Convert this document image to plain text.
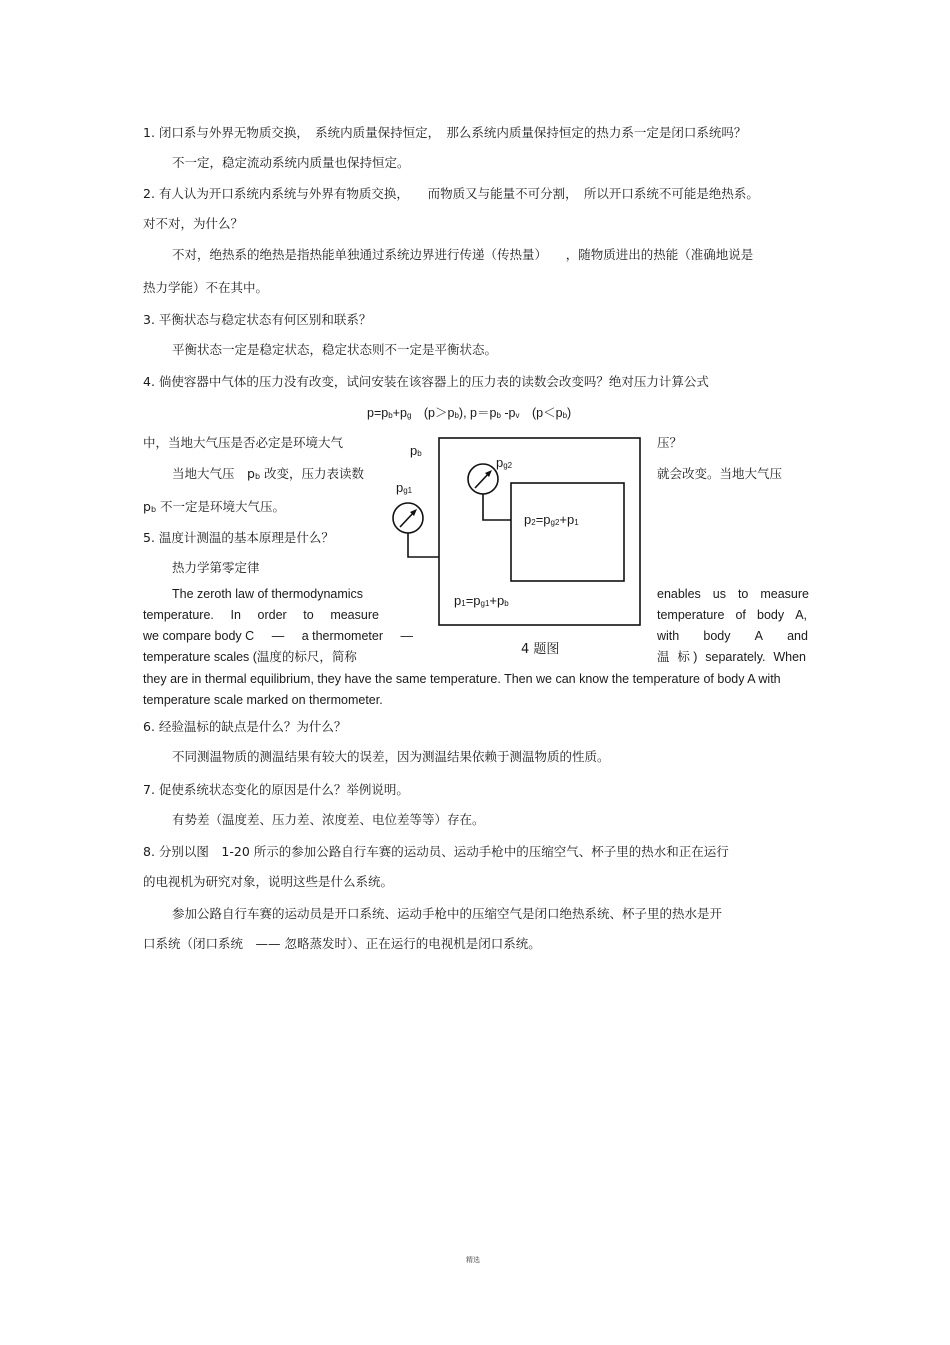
1. 闭口系与外界无物质交换，　系统内质量保持恒定，　那么系统内质量保持恒定的热力系一定是闭口系统吗？
不一定，稳定流动系统内质量也保持恒定。
2. 有人认为开口系统内系统与外界有物质交换，　　而物质又与能量不可分割，　所以开口系统不可能是绝热系。
对不对，为什么？
不对，绝热系的绝热是指热能单独通过系统边界进行传递（传热量）　　，随物质进出的热能（准确地说是
热力学能）不在其中。
3. 平衡状态与稳定状态有何区别和联系？
平衡状态一定是稳定状态，稳定状态则不一定是平衡状态。
4. 倘使容器中气体的压力没有改变，试问安装在该容器上的压力表的读数会改变吗？绝对压力计算公式
$p=p_b+p_g$　$(p>p_b)$, $p=p_b$ $-p_v$　$(p<p_b)$
中，当地大气压是否必定是环境大气	压？
当地大气压　$p_b$ 改变，压力表读数	就会改变。当地大气压
$p_b$ 不一定是环境大气压。
$p_b$
$p_{g2}$
$p_{g1}$
$p_2=p_{g2}+p_1$
$p_1=p_{g1}+p_b$
4 题图
5. 温度计测温的基本原理是什么？
热力学第零定律
The zeroth law of thermodynamics	enables us to measure
temperature. In order to measure	temperature of body A,
we compare body C — a thermometer —	with body A and
temperature scales (温度的标尺，简称	温 标 ) separately. When
they are in thermal equilibrium, they have the same temperature. Then we can know the temperature of body A with
temperature scale marked on thermometer.
6. 经验温标的缺点是什么？为什么？
不同测温物质的测温结果有较大的误差，因为测温结果依赖于测温物质的性质。
7. 促使系统状态变化的原因是什么？举例说明。
有势差（温度差、压力差、浓度差、电位差等等）存在。
8. 分别以图　1-20 所示的参加公路自行车赛的运动员、运动手枪中的压缩空气、杯子里的热水和正在运行
的电视机为研究对象，说明这些是什么系统。
参加公路自行车赛的运动员是开口系统、运动手枪中的压缩空气是闭口绝热系统、杯子里的热水是开
口系统（闭口系统　—— 忽略蒸发时）、正在运行的电视机是闭口系统。
精选
